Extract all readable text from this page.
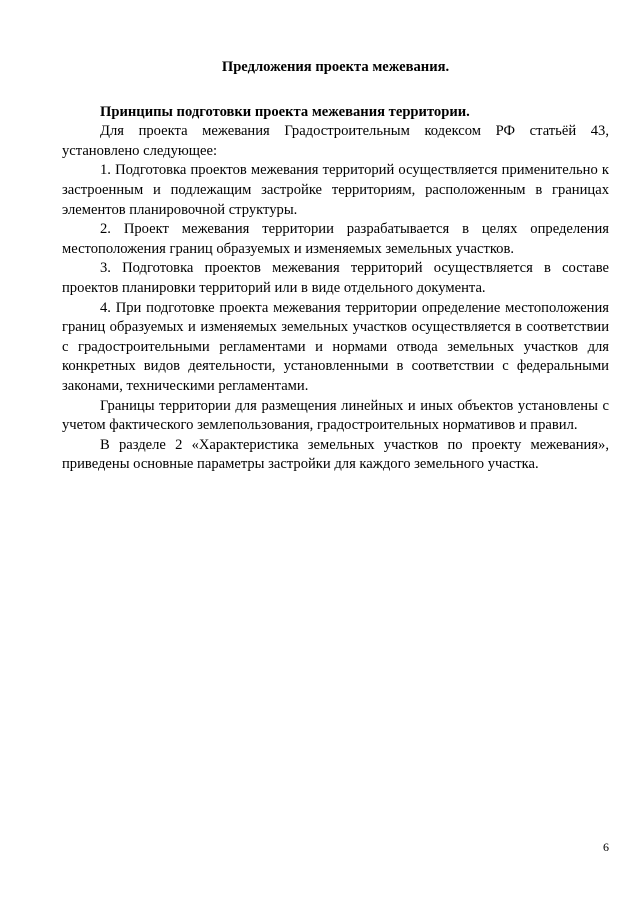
Предложения проекта межевания.

Принципы подготовки проекта межевания территории.

Для проекта межевания Градостроительным кодексом РФ статьёй 43, установлено следующее:

1. Подготовка проектов межевания территорий осуществляется применительно к застроенным и подлежащим застройке территориям, расположенным в границах элементов планировочной структуры.

2. Проект межевания территории разрабатывается в целях определения местоположения границ образуемых и изменяемых земельных участков.

3. Подготовка проектов межевания территорий осуществляется в составе проектов планировки территорий или в виде отдельного документа.

4. При подготовке проекта межевания территории определение местоположения границ образуемых и изменяемых земельных участков осуществляется в соответствии с градостроительными регламентами и нормами отвода земельных участков для конкретных видов деятельности, установленными в соответствии с федеральными законами, техническими регламентами.

Границы территории для размещения линейных и иных объектов установлены с учетом фактического землепользования, градостроительных нормативов и правил.

В разделе 2 «Характеристика земельных участков по проекту межевания», приведены основные параметры застройки для каждого земельного участка.

6
